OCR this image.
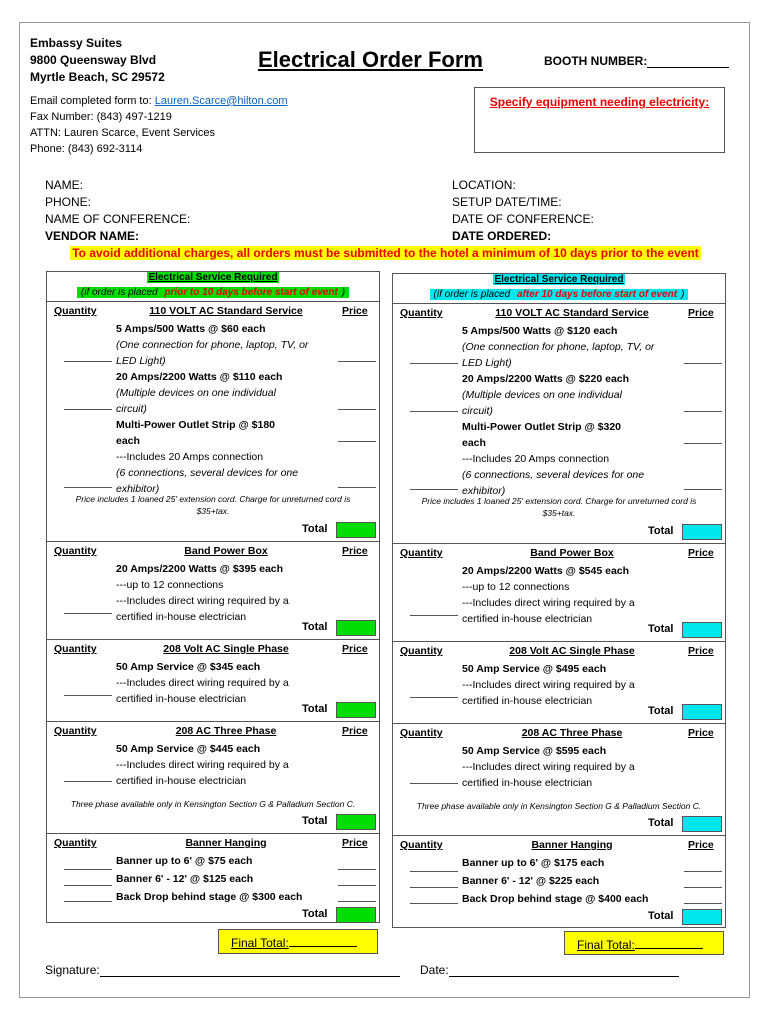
Embassy Suites
9800 Queensway Blvd
Myrtle Beach, SC 29572
Electrical Order Form	BOOTH NUMBER:
Email completed form to: Lauren.Scarce@hilton.com
Fax Number: (843) 497-1219
ATTN: Lauren Scarce, Event Services
Phone: (843) 692-3114
Specify equipment needing electricity:
NAME:
PHONE:
NAME OF CONFERENCE:
VENDOR NAME:
LOCATION:
SETUP DATE/TIME:
DATE OF CONFERENCE:
DATE ORDERED:
To avoid additional charges, all orders must be submitted to the hotel a minimum of 10 days prior to the event
Electrical Service Required
(if order is placed prior to 10 days before start of event )
Quantity	110 VOLT AC Standard Service	Price
5 Amps/500 Watts @ $60 each
(One connection for phone, laptop, TV, or
LED Light)
20 Amps/2200 Watts @ $110 each
(Multiple devices on one individual
circuit)
Multi-Power Outlet Strip @ $180
each
---Includes 20 Amps connection
(6 connections, several devices for one
exhibitor)
Price includes 1 loaned 25' extension cord. Charge for unreturned cord is
$35+tax.
Total
Quantity	Band Power Box	Price
20 Amps/2200 Watts @ $395 each
---up to 12 connections
---Includes direct wiring required by a
certified in-house electrician
Total
Quantity	208 Volt AC Single Phase	Price
50 Amp Service @ $345 each
---Includes direct wiring required by a
certified in-house electrician
Total
Quantity	208 AC Three Phase	Price
50 Amp Service @ $445 each
---Includes direct wiring required by a
certified in-house electrician
Three phase available only in Kensington Section G & Palladium Section C.
Total
Quantity	Banner Hanging	Price
Banner up to 6' @ $75 each
Banner 6' - 12' @ $125 each
Back Drop behind stage @ $300 each
Total
Electrical Service Required
(if order is placed after 10 days before start of event )
Quantity	110 VOLT AC Standard Service	Price
5 Amps/500 Watts @ $120 each
(One connection for phone, laptop, TV, or
LED Light)
20 Amps/2200 Watts @ $220 each
(Multiple devices on one individual
circuit)
Multi-Power Outlet Strip @ $320
each
---Includes 20 Amps connection
(6 connections, several devices for one
exhibitor)
Price includes 1 loaned 25' extension cord. Charge for unreturned cord is
$35+tax.
Total
Quantity	Band Power Box	Price
20 Amps/2200 Watts @ $545 each
---up to 12 connections
---Includes direct wiring required by a
certified in-house electrician
Total
Quantity	208 Volt AC Single Phase	Price
50 Amp Service @ $495 each
---Includes direct wiring required by a
certified in-house electrician
Total
Quantity	208 AC Three Phase	Price
50 Amp Service @ $595 each
---Includes direct wiring required by a
certified in-house electrician
Three phase available only in Kensington Section G & Palladium Section C.
Total
Quantity	Banner Hanging	Price
Banner up to 6' @ $175 each
Banner 6' - 12' @ $225 each
Back Drop behind stage @ $400 each
Total
Final Total:	Final Total:
Signature:	Date:
